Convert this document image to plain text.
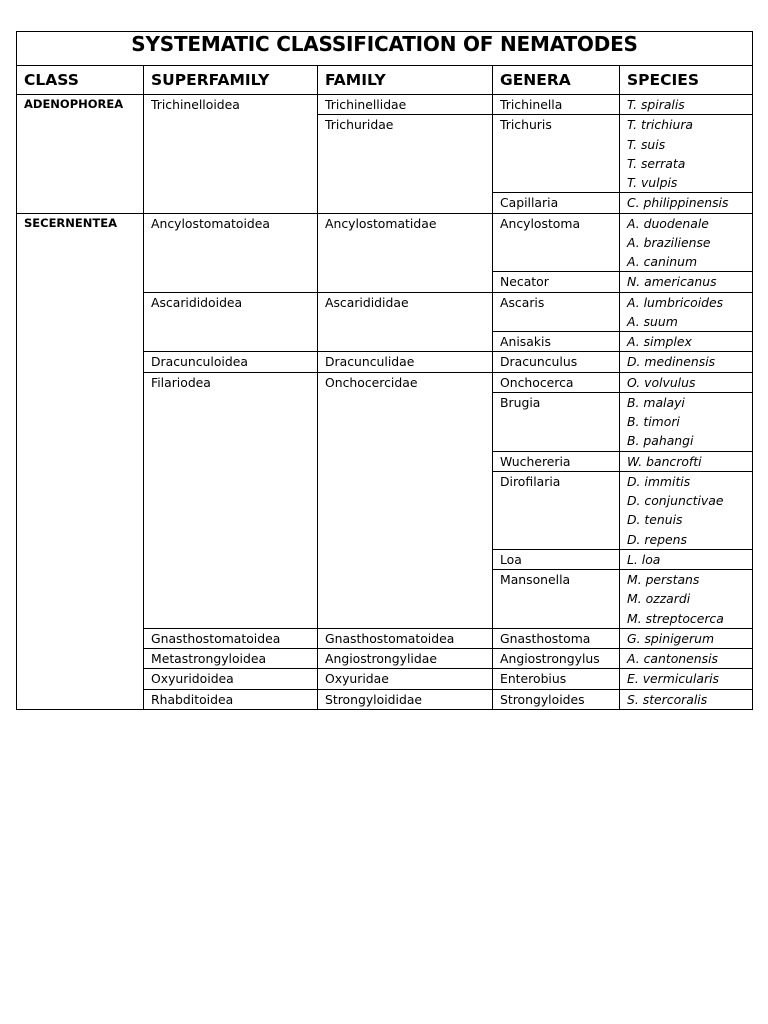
SYSTEMATIC CLASSIFICATION OF NEMATODES				
CLASS	SUPERFAMILY	FAMILY	GENERA	SPECIES
ADENOPHOREA	Trichinelloidea	Trichinellidae	Trichinella	T. spiralis

		Trichuridae	Trichuris	T. trichiura
T. suis
T. serrata
T. vulpis

			Capillaria	C. philippinensis

SECERNENTEA	Ancylostomatoidea	Ancylostomatidae	Ancylostoma	A. duodenale
A. braziliense
A. caninum

			Necator	N. americanus

	Ascarididoidea	Ascaridididae	Ascaris	A. lumbricoides
A. suum

			Anisakis	A. simplex

	Dracunculoidea	Dracunculidae	Dracunculus	D. medinensis

	Filariodea	Onchocercidae	Onchocerca	O. volvulus

			Brugia	B. malayi
B. timori
B. pahangi

			Wuchereria	W. bancrofti

			Dirofilaria	D. immitis
D. conjunctivae
D. tenuis
D. repens

			Loa	L. loa

			Mansonella	M. perstans
M. ozzardi
M. streptocerca

	Gnasthostomatoidea	Gnasthostomatoidea	Gnasthostoma	G. spinigerum

	Metastrongyloidea	Angiostrongylidae	Angiostrongylus	A. cantonensis

	Oxyuridoidea	Oxyuridae	Enterobius	E. vermicularis

	Rhabditoidea	Strongyloididae	Strongyloides	S. stercoralis
